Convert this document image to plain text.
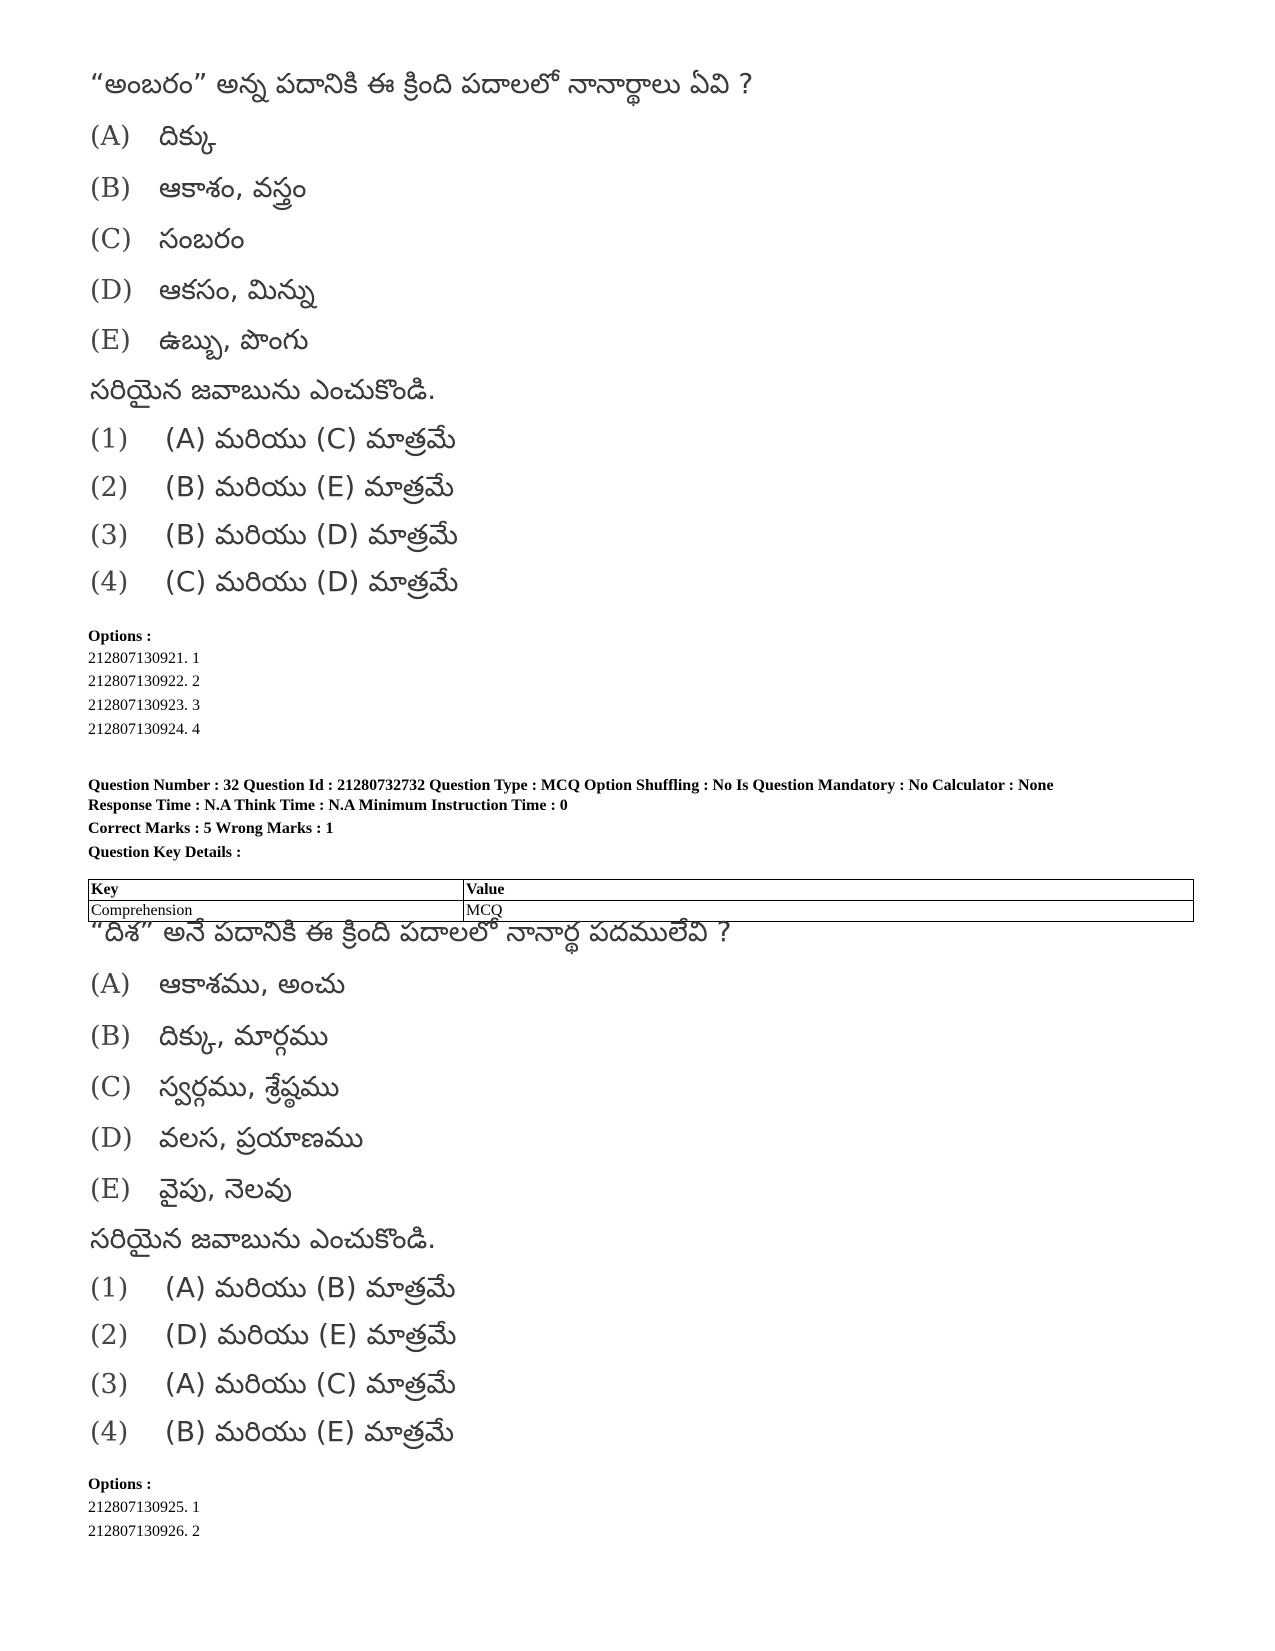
“అంబరం” అన్న పదానికి ఈ క్రింది పదాలలో నానార్థాలు ఏవి ?
(A) దిక్కు
(B) ఆకాశం, వస్త్రం
(C) సంబరం
(D) ఆకసం, మిన్ను
(E) ఉబ్బు, పొంగు
సరియైన జవాబును ఎంచుకొండి.
(1) (A) మరియు (C) మాత్రమే
(2) (B) మరియు (E) మాత్రమే
(3) (B) మరియు (D) మాత్రమే
(4) (C) మరియు (D) మాత్రమే
Options :
212807130921. 1
212807130922. 2
212807130923. 3
212807130924. 4
Question Number : 32 Question Id : 21280732732 Question Type : MCQ Option Shuffling : No Is Question Mandatory : No Calculator : None
Response Time : N.A Think Time : N.A Minimum Instruction Time : 0
Correct Marks : 5 Wrong Marks : 1
Question Key Details :
Key	Value
Comprehension	MCQ
“దిశ” అనే పదానికి ఈ క్రింది పదాలలో నానార్థ పదములేవి ?
(A) ఆకాశము, అంచు
(B) దిక్కు, మార్గము
(C) స్వర్గము, శ్రేష్ఠము
(D) వలస, ప్రయాణము
(E) వైపు, నెలవు
సరియైన జవాబును ఎంచుకొండి.
(1) (A) మరియు (B) మాత్రమే
(2) (D) మరియు (E) మాత్రమే
(3) (A) మరియు (C) మాత్రమే
(4) (B) మరియు (E) మాత్రమే
Options :
212807130925. 1
212807130926. 2
